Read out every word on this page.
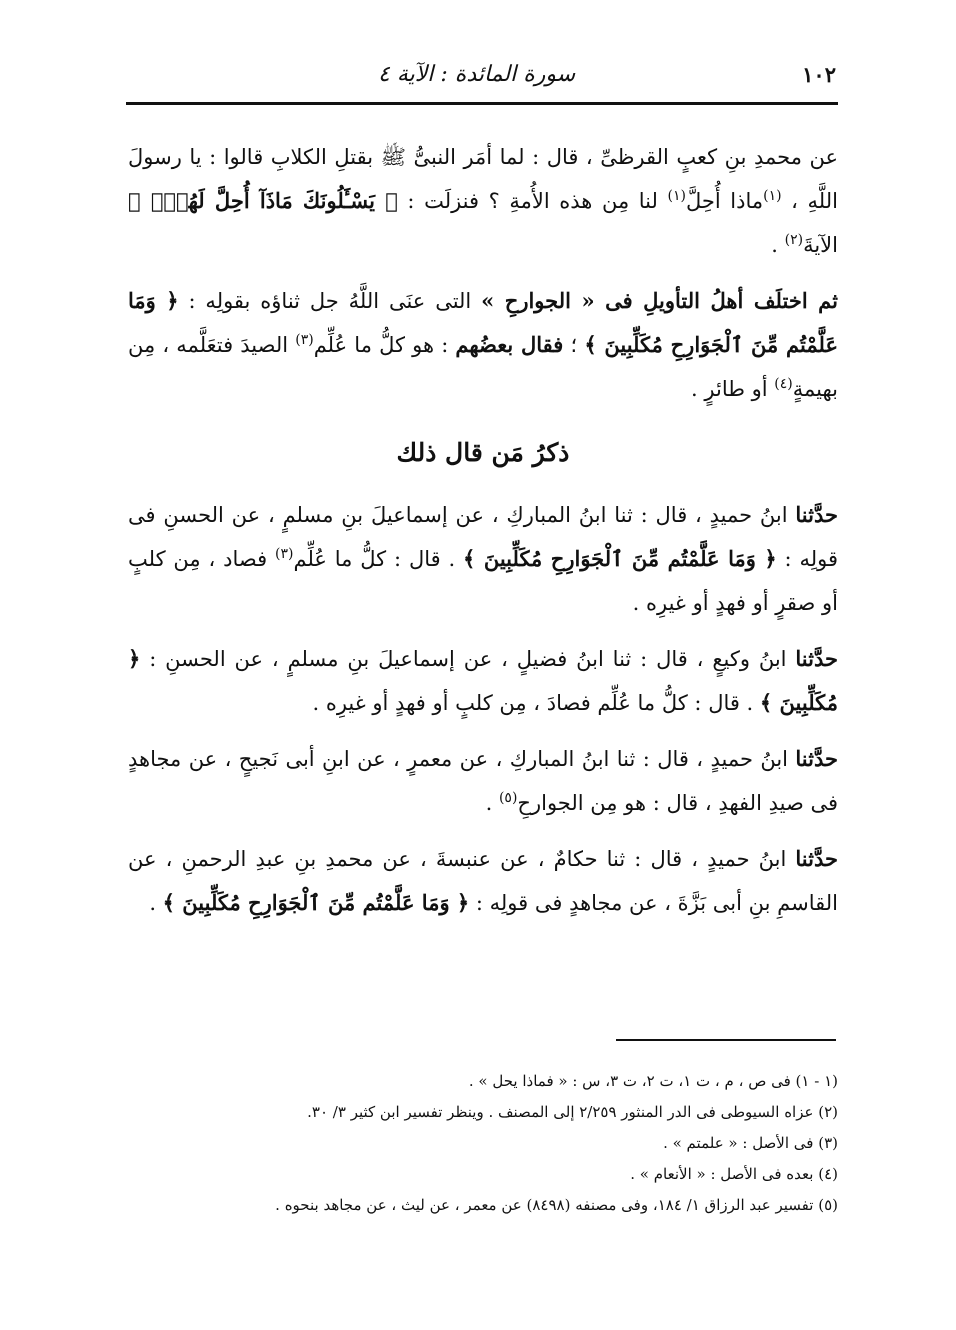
١٠٢
سورة المائدة : الآية ٤

عن محمدِ بنِ كعبٍ القرظىِّ ، قال : لما أمَر النبىُّ ﷺ بقتلِ الكلابِ قالوا : يا رسولَ اللَّهِ ، $^{(١)}$ماذا أُحِلَّ$^{(١)}$ لنا مِن هذه الأُمةِ ؟ فنزلَت : ﴿ يَسْـَٔلُونَكَ مَاذَآ أُحِلَّ لَهُمْۖ ﴾ الآيةَ$^{(٢)}$ .

ثم اختلَف أهلُ التأويلِ فى « الجوارحِ » التى عنَى اللَّهُ جل ثناؤه بقولِه : ﴿ وَمَا عَلَّمْتُم مِّنَ ٱلْجَوَارِحِ مُكَلِّبِينَ ﴾ ؛ فقال بعضُهم : هو كلُّ ما عُلِّم$^{(٣)}$ الصيدَ فتعَلَّمه ، مِن بهيمةٍ$^{(٤)}$ أو طائرٍ .

ذكرُ مَن قال ذلك

حدَّثنا ابنُ حميدٍ ، قال : ثنا ابنُ المباركِ ، عن إسماعيلَ بنِ مسلمٍ ، عن الحسنِ فى قولِه : ﴿ وَمَا عَلَّمْتُم مِّنَ ٱلْجَوَارِحِ مُكَلِّبِينَ ﴾ . قال : كلُّ ما عُلِّم$^{(٣)}$ فصاد ، مِن كلبٍ أو صقرٍ أو فهدٍ أو غيرِه .

حدَّثنا ابنُ وكيعٍ ، قال : ثنا ابنُ فضيلٍ ، عن إسماعيلَ بنِ مسلمٍ ، عن الحسنِ : ﴿ مُكَلِّبِينَ ﴾ . قال : كلُّ ما عُلِّم فصادَ ، مِن كلبٍ أو فهدٍ أو غيرِه .

حدَّثنا ابنُ حميدٍ ، قال : ثنا ابنُ المباركِ ، عن معمرٍ ، عن ابنِ أبى نَجيحٍ ، عن مجاهدٍ فى صيدِ الفهدِ ، قال : هو مِن الجوارحِ$^{(٥)}$ .

حدَّثنا ابنُ حميدٍ ، قال : ثنا حكامٌ ، عن عنبسةَ ، عن محمدِ بنِ عبدِ الرحمنِ ، عن القاسمِ بنِ أبى بَزَّةَ ، عن مجاهدٍ فى قولِه : ﴿ وَمَا عَلَّمْتُم مِّنَ ٱلْجَوَارِحِ مُكَلِّبِينَ ﴾ .

(١ - ١) فى ص ، م ، ت ١، ت ٢، ت ٣، س : « فماذا يحل » .

(٢) عزاه السيوطى فى الدر المنثور ٢/٢٥٩ إلى المصنف . وينظر تفسير ابن كثير ٣/ ٣٠.

(٣) فى الأصل : « علمتم » .

(٤) بعده فى الأصل : « الأنعام » .

(٥) تفسير عبد الرزاق ١/ ١٨٤، وفى مصنفه (٨٤٩٨) عن معمر ، عن ليث ، عن مجاهد بنحوه .
